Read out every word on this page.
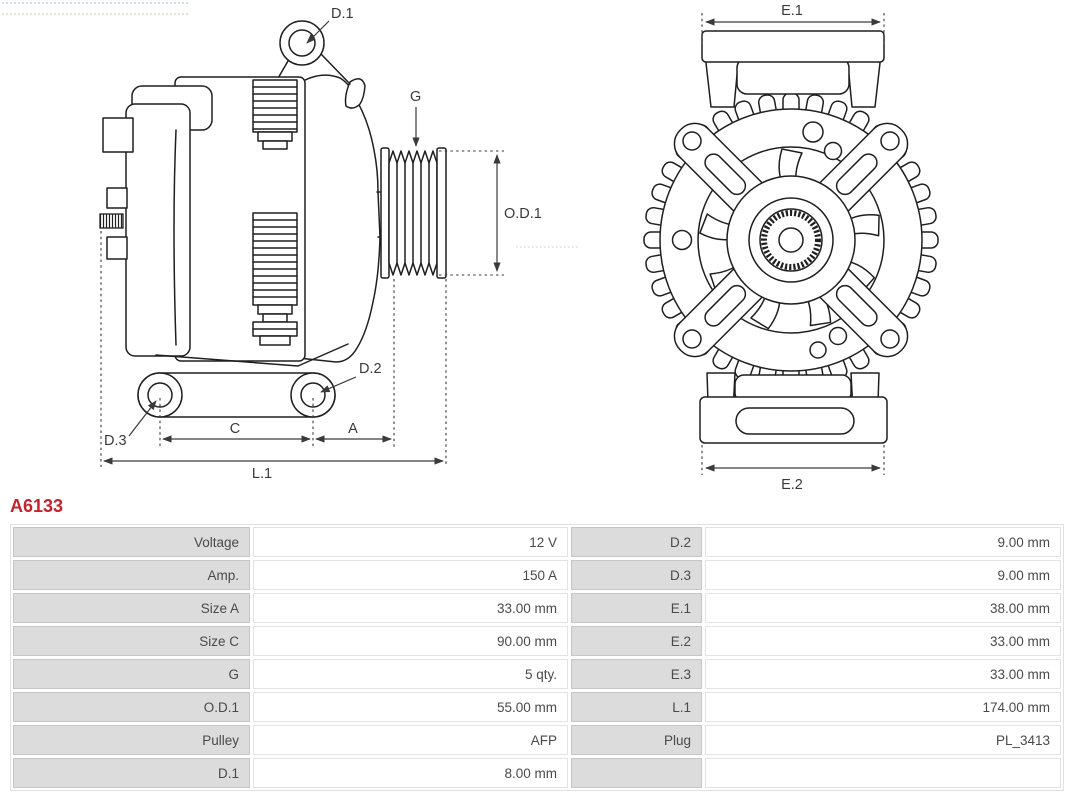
D.1
G
O.D.1
D.2
D.3
C	A
L.1
E.1
E.2
A6133
Voltage	12 V	D.2	9.00 mm
Amp.	150 A	D.3	9.00 mm
Size A	33.00 mm	E.1	38.00 mm
Size C	90.00 mm	E.2	33.00 mm
G	5 qty.	E.3	33.00 mm
O.D.1	55.00 mm	L.1	174.00 mm
Pulley	AFP	Plug	PL_3413
D.1	8.00 mm
